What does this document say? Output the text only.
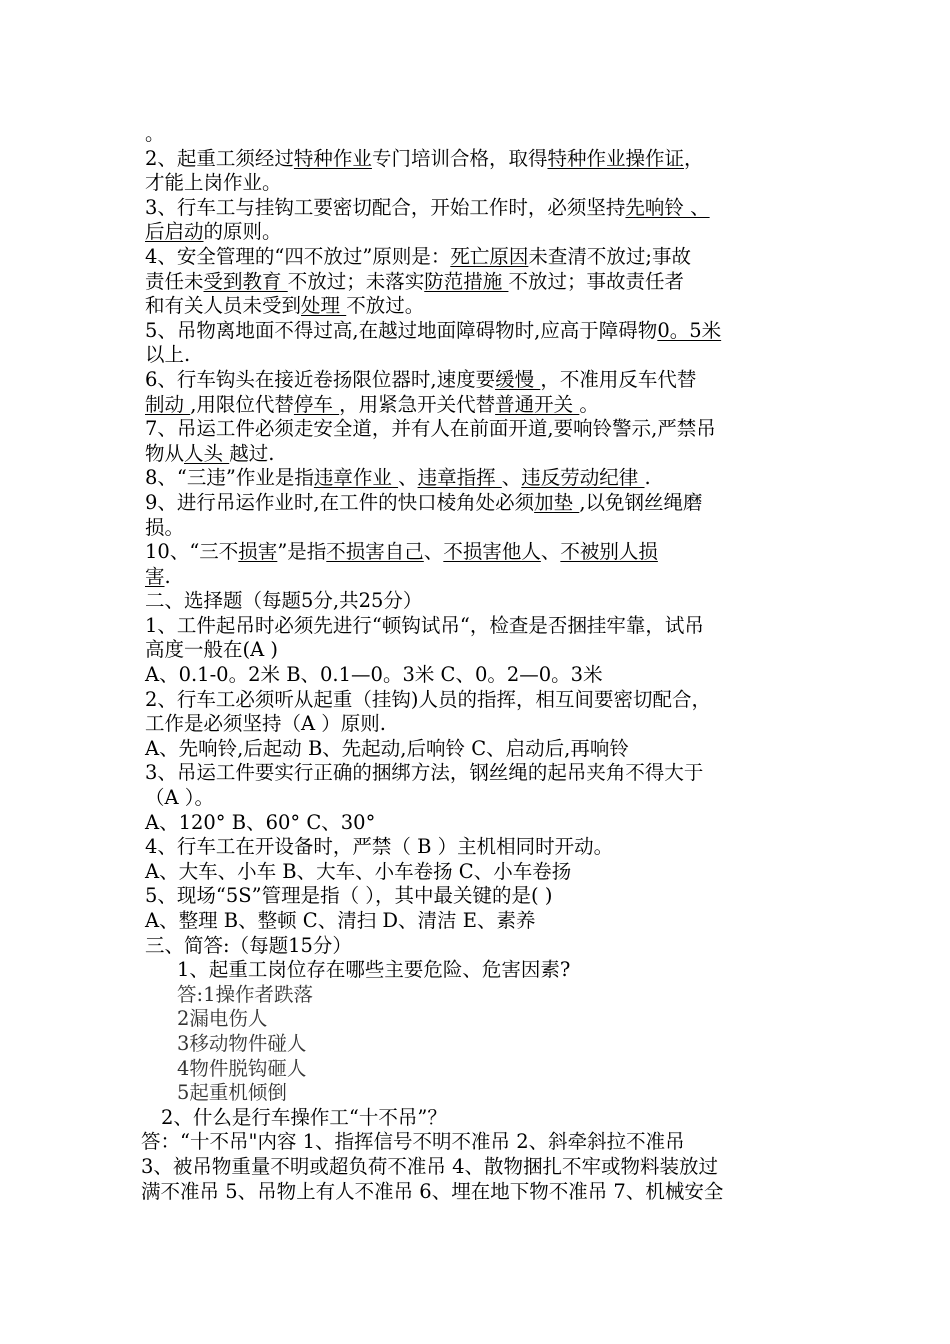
。
2、起重工须经过特种作业专门培训合格，取得特种作业操作证，
才能上岗作业。
3、行车工与挂钩工要密切配合，开始工作时，必须坚持先响铃 、
后启动的原则。
4、安全管理的“四不放过”原则是：死亡原因未查清不放过;事故
责任未受到教育 不放过；未落实防范措施 不放过；事故责任者
和有关人员未受到处理 不放过。
5、吊物离地面不得过高,在越过地面障碍物时,应高于障碍物0。5米
以上.
6、行车钩头在接近卷扬限位器时,速度要缓慢 ，不准用反车代替
制动 ,用限位代替停车 ，用紧急开关代替普通开关 。
7、吊运工件必须走安全道，并有人在前面开道,要响铃警示,严禁吊
物从人头 越过.
8、“三违”作业是指违章作业 、违章指挥 、违反劳动纪律 .
9、进行吊运作业时,在工件的快口棱角处必须加垫 ,以免钢丝绳磨
损。
10、“三不损害”是指不损害自己、不损害他人、不被别人损
害.
二、选择题（每题5分,共25分）
1、工件起吊时必须先进行“顿钩试吊“，检查是否捆挂牢靠，试吊
高度一般在(A )
A、0.1-0。2米 B、0.1—0。3米 C、0。2—0。3米
2、行车工必须听从起重（挂钩)人员的指挥，相互间要密切配合，
工作是必须坚持（A ）原则.
A、先响铃,后起动 B、先起动,后响铃 C、启动后,再响铃
3、吊运工件要实行正确的捆绑方法，钢丝绳的起吊夹角不得大于
（A ）。
A、120° B、60° C、30°
4、行车工在开设备时，严禁（ B ）主机相同时开动。
A、大车、小车 B、大车、小车卷扬 C、小车卷扬
5、现场“5S”管理是指（ ），其中最关键的是( )
A、整理 B、整顿 C、清扫 D、清洁 E、素养
三、简答:（每题15分）
1、起重工岗位存在哪些主要危险、危害因素?
答:1操作者跌落
2漏电伤人
3移动物件碰人
4物件脱钩砸人
5起重机倾倒
2、什么是行车操作工“十不吊”？
答：“十不吊"内容 1、指挥信号不明不准吊 2、斜牵斜拉不准吊
3、被吊物重量不明或超负荷不准吊 4、散物捆扎不牢或物料装放过
满不准吊 5、吊物上有人不准吊 6、埋在地下物不准吊 7、机械安全
